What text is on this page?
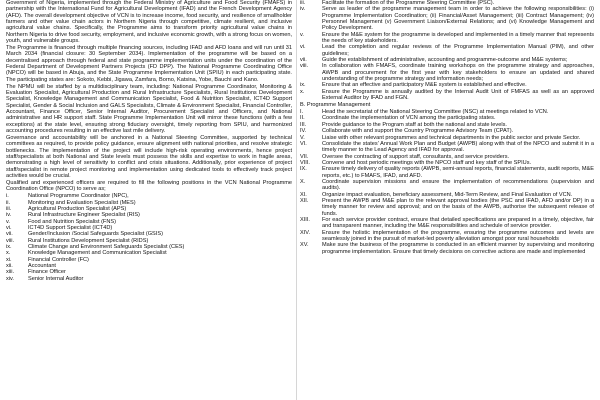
Government of Nigeria, implemented through the Federal Ministry of Agriculture and Food Security (FMAFS) in partnership with the International Fund for Agricultural Development (IFAD) and the French Development Agency (AFD). The overall development objective of VCN is to increase income, food security, and resilience of smallholder farmers and other value chain actors in Northern Nigeria through competitive, climate resilient, and inclusive agricultural value chains. Specifically, the Programme aims to transform priority agricultural value chains in Northern Nigeria to drive food security, employment, and inclusive economic growth, with a strong focus on women, youth, and vulnerable groups.

The Programme is financed through multiple financing sources, including IFAD and AFD loans and will run until 31 March 2034 (financial closure: 30 September 2034). Implementation of the programme will be based on a decentralised approach through federal and state programme implementation units under the coordination of the Federal Department of Development Partners Projects (FD DPP). The National Programme Coordinating Office (NPCO) will be based in Abuja, and the State Programme Implementation Unit (SPIU) in each participating state. The participating states are: Sokoto, Kebbi, Jigawa, Zamfara, Borno, Katsina, Yobe, Bauchi and Kano.

The NPMU will be staffed by a multidisciplinary team, including: National Programme Coordinator, Monitoring & Evaluation Specialist, Agricultural Production and Rural Infrastructure Specialists, Rural Institutions Development Specialist, Knowledge Management and Communication Specialist, Food & Nutrition Specialist, ICT4D Support Specialist, Gender & Social Inclusion and GALS Specialists, Climate & Environment Specialist, Financial Controller, Accountant, Finance Officer, Senior Internal Auditor, Procurement Specialist and Officers, and National administrative and HR support staff. State Programme Implementation Unit will mirror these functions (with a few exceptions) at the state level, ensuring strong fiduciary oversight, timely reporting from SPIU, and harmonized accounting procedures resulting in an effective last mile delivery.

Governance and accountability will be anchored in a National Steering Committee, supported by technical committees as required, to provide policy guidance, ensure alignment with national priorities, and resolve strategic bottlenecks. The implementation of the project will include high-risk operating environments, hence project staff/specialists at both National and State levels must possess the skills and expertise to work in fragile areas, demonstrating a high level of sensitivity to conflict and crisis situations. Additionally, prior experience of project staff/specialist in remote project monitoring and implementation using dedicated tools to effectively track project activities would be crucial.

Qualified and experienced officers are required to fill the following positions in the VCN National Programme Coordination Office (NPCO) to serve as;

i.	National Programme Coordinator (NPC),
ii.	Monitoring and Evaluation Specialist (MES)
iii.	Agricultural Production Specialist (APS)
iv.	Rural Infrastructure Engineer Specialist (RIS)
v.	Food and Nutrition Specialist (FNS)
vi.	ICT4D Support Specialist (ICT4D)
vii.	Gender/Inclusion /Social Safeguards Specialist (GSIS)
viii.	Rural Institutions Development Specialist (RIDS)
ix.	Climate Change and Environment Safeguards Specialist (CES)
x.	Knowledge Management and Communication Specialist
xi.	Financial Controller (FC)
xii.	Accountant
xiii.	Finance Officer
xiv.	Senior Internal Auditor
iii.	Facilitate the formation of the Programme Steering Committee (PSC).
iv.	Serve as leader of the programme management team in order to achieve the following responsibilities: (i) Programme Implementation Coordination; (ii) Financial/Asset Management; (iii) Contract Management; (iv) Personnel Management (v) Government Liaison/External Relations; and (vi) Knowledge Management and Policy Development.
v.	Ensure the M&E system for the programme is developed and implemented in a timely manner that represents the needs of key stakeholders.
vi.	Lead the completion and regular reviews of the Programme Implementation Manual (PIM), and other guidelines;
vii.	Guide the establishment of administrative, accounting and programme-outcome and M&E systems;
viii.	In collaboration with FMAFS, coordinate training workshops on the programme strategy and approaches, AWPB and procurement for the first year with key stakeholders to ensure an updated and shared understanding of the programme strategy and information needs;
ix.	Ensure that an effective and participatory M&E system is established and effective.
x.	Ensure the Programme is annually audited by the Internal Audit Unit of FMFAS as well as an approved External Auditor by IFAD and FGN.
B. Programme Management
I.	Head the secretariat of the National Steering Committee (NSC) at meetings related to VCN.
II.	Coordinate the implementation of VCN among the participating states.
III.	Provide guidance to the Program staff at both the national and state levels.
IV.	Collaborate with and support the Country Programme Advisory Team (CPAT).
V.	Liaise with other relevant programmes and technical departments in the public sector and private Sector.
VI.	Consolidate the states' Annual Work Plan and Budget (AWPB) along with that of the NPCO and submit it in a timely manner to the Lead Agency and IFAD for approval.
VII.	Oversee the contracting of support staff, consultants, and service providers.
VIII.	Convene and host periodic meetings with the NPCO staff and key staff of the SPIUs.
IX.	Ensure timely delivery of quality reports (AWPB, semi-annual reports, financial statements, audit reports, M&E reports, etc.) to FMAFS, IFAD, and AFD.
X.	Coordinate supervision missions and ensure the implementation of recommendations (supervision and audits).
XI.	Organize impact evaluation, beneficiary assessment, Mid-Term Review, and Final Evaluation of VCN.
XII.	Present the AWPB and M&E plan to the relevant approval bodies (the PSC and IFAD, AFD and/or DP) in a timely manner for review and approval; and on the basis of the AWPB, authorise the subsequent release of funds.
XIII.	For each service provider contract, ensure that detailed specifications are prepared in a timely, objective, fair and transparent manner, including the M&E responsibilities and schedule of service provider.
XIV.	Ensure the holistic implementation of the programme, ensuring the programme outcomes and levels are seamlessly joined in the pursuit of market-led poverty alleviation amongst poor rural households
XV.	Make sure the business of the programme is conducted in an efficient manner by supervising and monitoring programme implementation. Ensure that timely decisions on corrective actions are made and implemented
